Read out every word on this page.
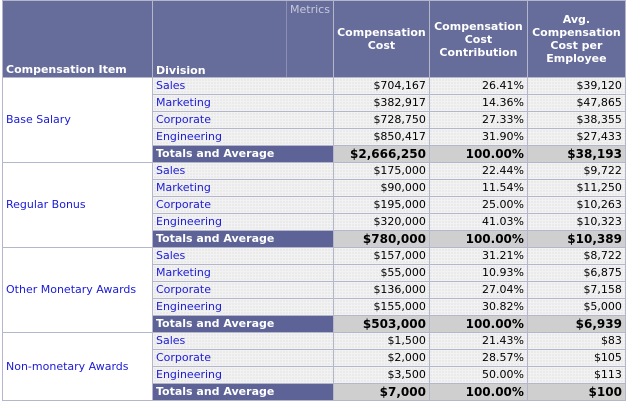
Compensation Item	Division	Metrics	Compensation Cost	Compensation Cost Contribution	Avg. Compensation Cost per Employee

Base Salary	Sales		$704,167	26.41%	$39,120
	Marketing		$382,917	14.36%	$47,865
	Corporate		$728,750	27.33%	$38,355
	Engineering		$850,417	31.90%	$27,433
	Totals and Average		$2,666,250	100.00%	$38,193
Regular Bonus	Sales		$175,000	22.44%	$9,722
	Marketing		$90,000	11.54%	$11,250
	Corporate		$195,000	25.00%	$10,263
	Engineering		$320,000	41.03%	$10,323
	Totals and Average		$780,000	100.00%	$10,389
Other Monetary Awards	Sales		$157,000	31.21%	$8,722
	Marketing		$55,000	10.93%	$6,875
	Corporate		$136,000	27.04%	$7,158
	Engineering		$155,000	30.82%	$5,000
	Totals and Average		$503,000	100.00%	$6,939
Non-monetary Awards	Sales		$1,500	21.43%	$83
	Corporate		$2,000	28.57%	$105
	Engineering		$3,500	50.00%	$113
	Totals and Average		$7,000	100.00%	$100
